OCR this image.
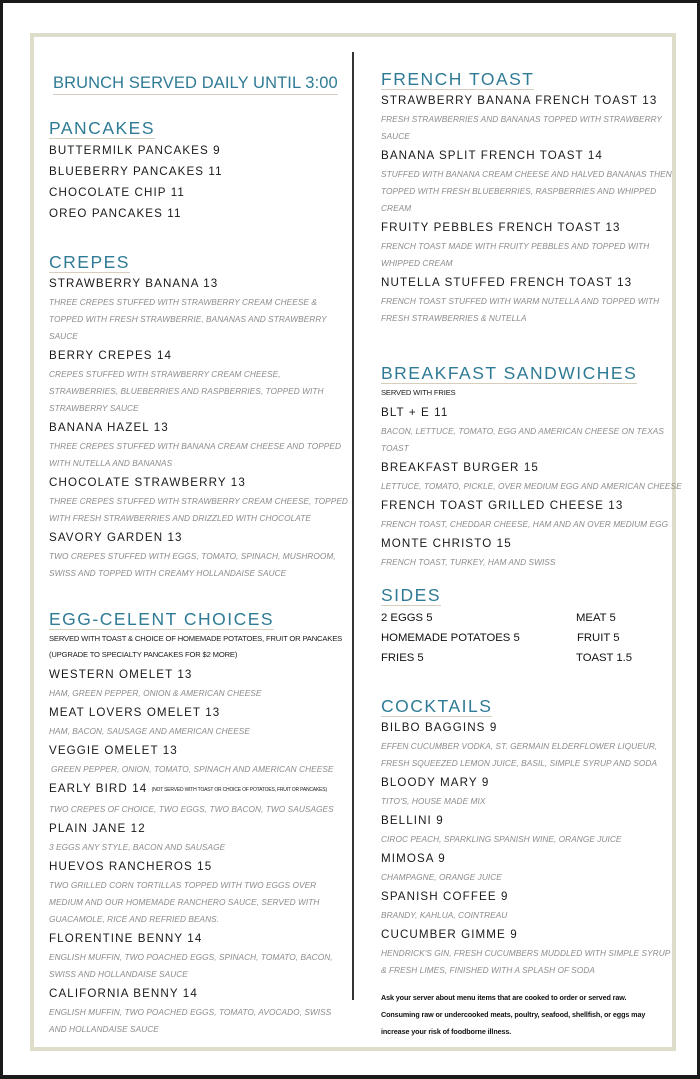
BRUNCH SERVED DAILY UNTIL 3:00
PANCAKES
BUTTERMILK PANCAKES 9
BLUEBERRY PANCAKES 11
CHOCOLATE CHIP 11
OREO PANCAKES 11
CREPES
STRAWBERRY BANANA 13
THREE CREPES STUFFED WITH STRAWBERRY CREAM CHEESE & TOPPED WITH FRESH STRAWBERRIE, BANANAS AND STRAWBERRY SAUCE
BERRY CREPES 14
CREPES STUFFED WITH STRAWBERRY CREAM CHEESE, STRAWBERRIES, BLUEBERRIES AND RASPBERRIES, TOPPED WITH STRAWBERRY SAUCE
BANANA HAZEL 13
THREE CREPES STUFFED WITH BANANA CREAM CHEESE AND TOPPED WITH NUTELLA AND BANANAS
CHOCOLATE STRAWBERRY 13
THREE CREPES STUFFED WITH STRAWBERRY CREAM CHEESE, TOPPED WITH FRESH STRAWBERRIES AND DRIZZLED WITH CHOCOLATE
SAVORY GARDEN 13
TWO CREPES STUFFED WITH EGGS, TOMATO, SPINACH, MUSHROOM, SWISS AND TOPPED WITH CREAMY HOLLANDAISE SAUCE
EGG-CELENT CHOICES
SERVED WITH TOAST & CHOICE OF HOMEMADE POTATOES, FRUIT OR PANCAKES
(UPGRADE TO SPECIALTY PANCAKES FOR $2 MORE)
WESTERN OMELET 13
HAM, GREEN PEPPER, ONION & AMERICAN CHEESE
MEAT LOVERS OMELET 13
HAM, BACON, SAUSAGE AND AMERICAN CHEESE
VEGGIE OMELET 13
GREEN PEPPER, ONION, TOMATO, SPINACH AND AMERICAN CHEESE
EARLY BIRD 14 (NOT SERVED WITH TOAST OR CHOICE OF POTATOES, FRUIT OR PANCAKES)
TWO CREPES OF CHOICE, TWO EGGS, TWO BACON, TWO SAUSAGES
PLAIN JANE 12
3 EGGS ANY STYLE, BACON AND SAUSAGE
HUEVOS RANCHEROS 15
TWO GRILLED CORN TORTILLAS TOPPED WITH TWO EGGS OVER MEDIUM AND OUR HOMEMADE RANCHERO SAUCE, SERVED WITH GUACAMOLE, RICE AND REFRIED BEANS.
FLORENTINE BENNY 14
ENGLISH MUFFIN, TWO POACHED EGGS, SPINACH, TOMATO, BACON, SWISS AND HOLLANDAISE SAUCE
CALIFORNIA BENNY 14
ENGLISH MUFFIN, TWO POACHED EGGS, TOMATO, AVOCADO, SWISS AND HOLLANDAISE SAUCE
FRENCH TOAST
STRAWBERRY BANANA FRENCH TOAST 13
FRESH STRAWBERRIES AND BANANAS TOPPED WITH STRAWBERRY SAUCE
BANANA SPLIT FRENCH TOAST 14
STUFFED WITH BANANA CREAM CHEESE AND HALVED BANANAS THEN TOPPED WITH FRESH BLUEBERRIES, RASPBERRIES AND WHIPPED CREAM
FRUITY PEBBLES FRENCH TOAST 13
FRENCH TOAST MADE WITH FRUITY PEBBLES AND TOPPED WITH WHIPPED CREAM
NUTELLA STUFFED FRENCH TOAST 13
FRENCH TOAST STUFFED WITH WARM NUTELLA AND TOPPED WITH FRESH STRAWBERRIES & NUTELLA
BREAKFAST SANDWICHES
SERVED WITH FRIES
BLT + E 11
BACON, LETTUCE, TOMATO, EGG AND AMERICAN CHEESE ON TEXAS TOAST
BREAKFAST BURGER 15
LETTUCE, TOMATO, PICKLE, OVER MEDIUM EGG AND AMERICAN CHEESE
FRENCH TOAST GRILLED CHEESE 13
FRENCH TOAST, CHEDDAR CHEESE, HAM AND AN OVER MEDIUM EGG
MONTE CHRISTO 15
FRENCH TOAST, TURKEY, HAM AND SWISS
SIDES
2 EGGS 5	MEAT 5
HOMEMADE POTATOES 5	FRUIT 5
FRIES 5	TOAST 1.5
COCKTAILS
BILBO BAGGINS 9
EFFEN CUCUMBER VODKA, ST. GERMAIN ELDERFLOWER LIQUEUR, FRESH SQUEEZED LEMON JUICE, BASIL, SIMPLE SYRUP AND SODA
BLOODY MARY 9
TITO'S, HOUSE MADE MIX
BELLINI 9
CIROC PEACH, SPARKLING SPANISH WINE, ORANGE JUICE
MIMOSA 9
CHAMPAGNE, ORANGE JUICE
SPANISH COFFEE 9
BRANDY, KAHLUA, COINTREAU
CUCUMBER GIMME 9
HENDRICK'S GIN, FRESH CUCUMBERS MUDDLED WITH SIMPLE SYRUP & FRESH LIMES, FINISHED WITH A SPLASH OF SODA
Ask your server about menu items that are cooked to order or served raw.
Consuming raw or undercooked meats, poultry, seafood, shellfish, or eggs may
increase your risk of foodborne illness.
